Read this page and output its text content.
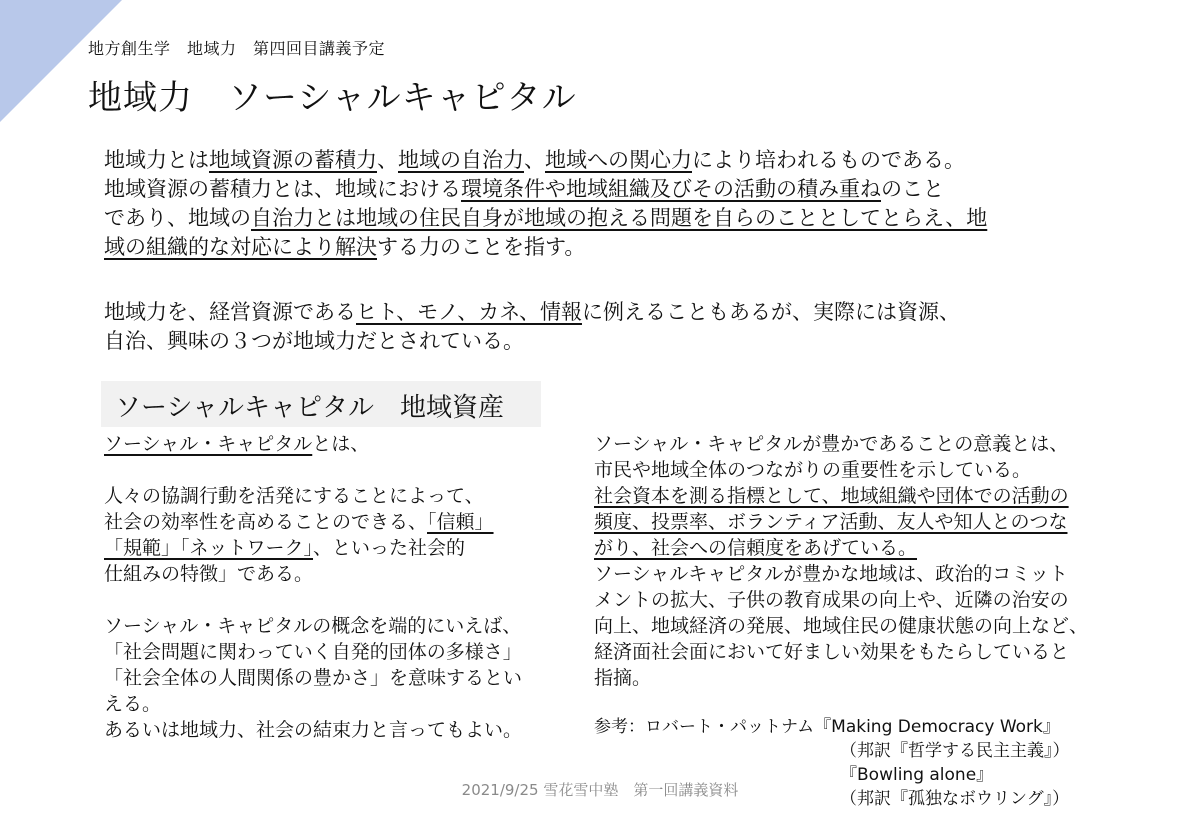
地方創生学　地域力　第四回目講義予定
地域力　ソーシャルキャピタル

地域力とは地域資源の蓄積力、地域の自治力、地域への関心力により培われるものである。

地域資源の蓄積力とは、地域における環境条件や地域組織及びその活動の積み重ねのこと

であり、地域の自治力とは地域の住民自身が地域の抱える問題を自らのこととしてとらえ、地

域の組織的な対応により解決する力のことを指す。

地域力を、経営資源であるヒト、モノ、カネ、情報に例えることもあるが、実際には資源、

自治、興味の３つが地域力だとされている。

ソーシャルキャピタル　地域資産

ソーシャル・キャピタルとは、

人々の協調行動を活発にすることによって、

社会の効率性を高めることのできる、「信頼」

「規範」「ネットワーク」、といった社会的

仕組みの特徴」である。

ソーシャル・キャピタルの概念を端的にいえば、

「社会問題に関わっていく自発的団体の多様さ」

「社会全体の人間関係の豊かさ」を意味するとい

える。

あるいは地域力、社会の結束力と言ってもよい。

ソーシャル・キャピタルが豊かであることの意義とは、

市民や地域全体のつながりの重要性を示している。

社会資本を測る指標として、地域組織や団体での活動の

頻度、投票率、ボランティア活動、友人や知人とのつな

がり、社会への信頼度をあげている。

ソーシャルキャピタルが豊かな地域は、政治的コミット

メントの拡大、子供の教育成果の向上や、近隣の治安の

向上、地域経済の発展、地域住民の健康状態の向上など、

経済面社会面において好ましい効果をもたらしていると

指摘。

参考：ロバート・パットナム『Making Democracy Work』
（邦訳『哲学する民主主義』）
『Bowling alone』
（邦訳『孤独なボウリング』）
2021/9/25 雪花雪中塾　第一回講義資料
